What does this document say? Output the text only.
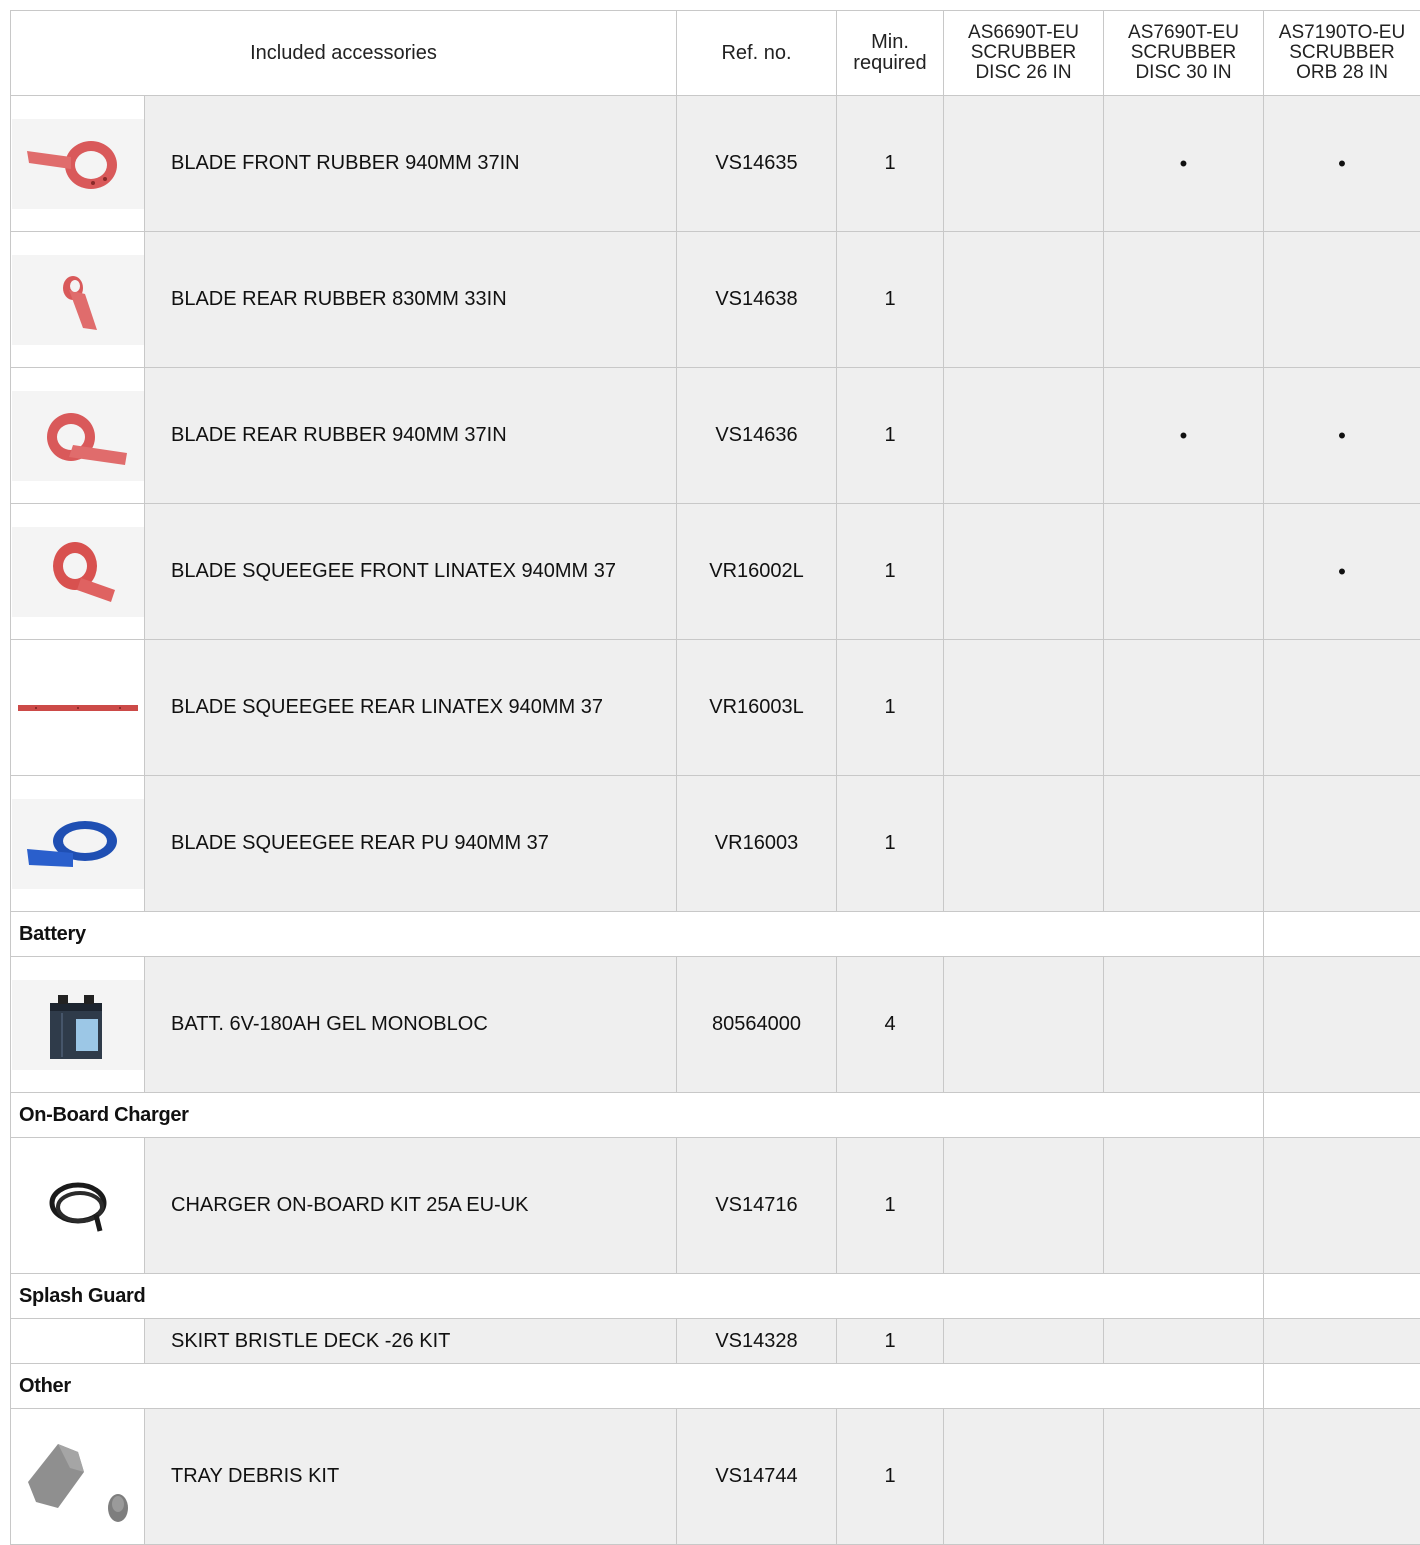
Included accessories		Ref. no.	Min.
required	AS6690T-EU
SCRUBBER
DISC 26 IN	AS7690T-EU
SCRUBBER
DISC 30 IN	AS7190TO-EU
SCRUBBER
ORB 28 IN

	BLADE FRONT RUBBER 940MM 37IN	VS14635	1		•	•

	BLADE REAR RUBBER 830MM 33IN	VS14638	1			

	BLADE REAR RUBBER 940MM 37IN	VS14636	1		•	•

	BLADE SQUEEGEE FRONT LINATEX 940MM 37	VR16002L	1			•

	BLADE SQUEEGEE REAR LINATEX 940MM 37	VR16003L	1			

	BLADE SQUEEGEE REAR PU 940MM 37	VR16003	1			
Battery						

	BATT. 6V-180AH GEL MONOBLOC	80564000	4			
On-Board Charger						

	CHARGER ON-BOARD KIT 25A EU-UK	VS14716	1			
Splash Guard						
	SKIRT BRISTLE DECK -26 KIT	VS14328	1			
Other						

	TRAY DEBRIS KIT	VS14744	1			
